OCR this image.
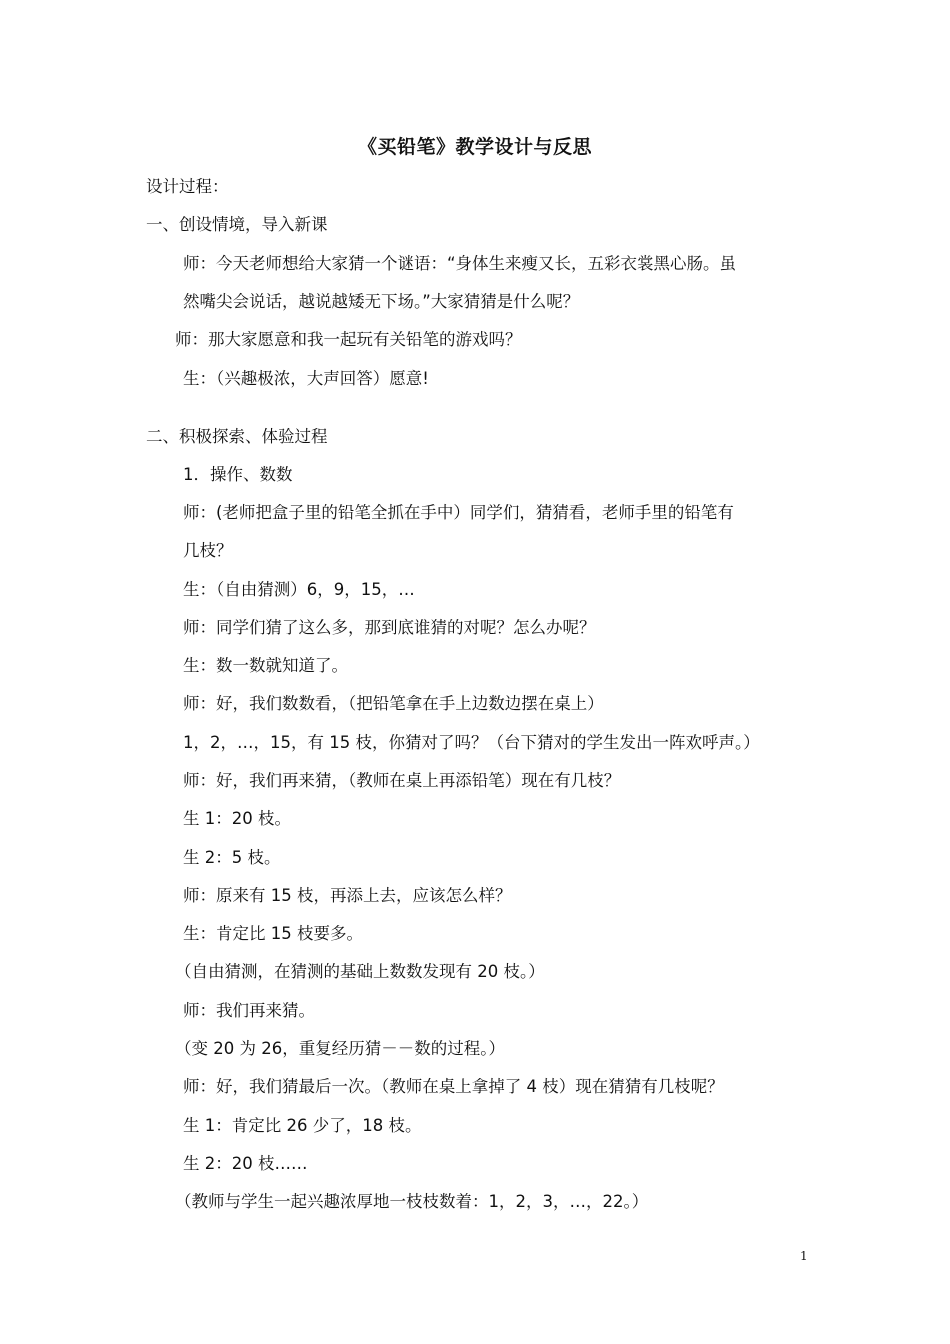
《买铅笔》教学设计与反思
设计过程：
一、创设情境，导入新课
师：今天老师想给大家猜一个谜语：“身体生来瘦又长，五彩衣裳黑心肠。虽
然嘴尖会说话，越说越矮无下场。”大家猜猜是什么呢？
师：那大家愿意和我一起玩有关铅笔的游戏吗？
生：（兴趣极浓，大声回答）愿意!
二、积极探索、体验过程
1．操作、数数
师：(老师把盒子里的铅笔全抓在手中）同学们，猜猜看，老师手里的铅笔有
几枝？
生：（自由猜测）6，9，15，…
师：同学们猜了这么多，那到底谁猜的对呢？怎么办呢？
生：数一数就知道了。
师：好，我们数数看，（把铅笔拿在手上边数边摆在桌上）
1，2，…，15，有 15 枝，你猜对了吗？（台下猜对的学生发出一阵欢呼声。）
师：好，我们再来猜，（教师在桌上再添铅笔）现在有几枝？
生 1：20 枝。
生 2：5 枝。
师：原来有 15 枝，再添上去，应该怎么样？
生：肯定比 15 枝要多。
（自由猜测，在猜测的基础上数数发现有 20 枝。）
师：我们再来猜。
（变 20 为 26，重复经历猜－－数的过程。）
师：好，我们猜最后一次。（教师在桌上拿掉了 4 枝）现在猜猜有几枝呢？
生 1：肯定比 26 少了，18 枝。
生 2：20 枝……
（教师与学生一起兴趣浓厚地一枝枝数着：1，2，3，…，22。）
1
